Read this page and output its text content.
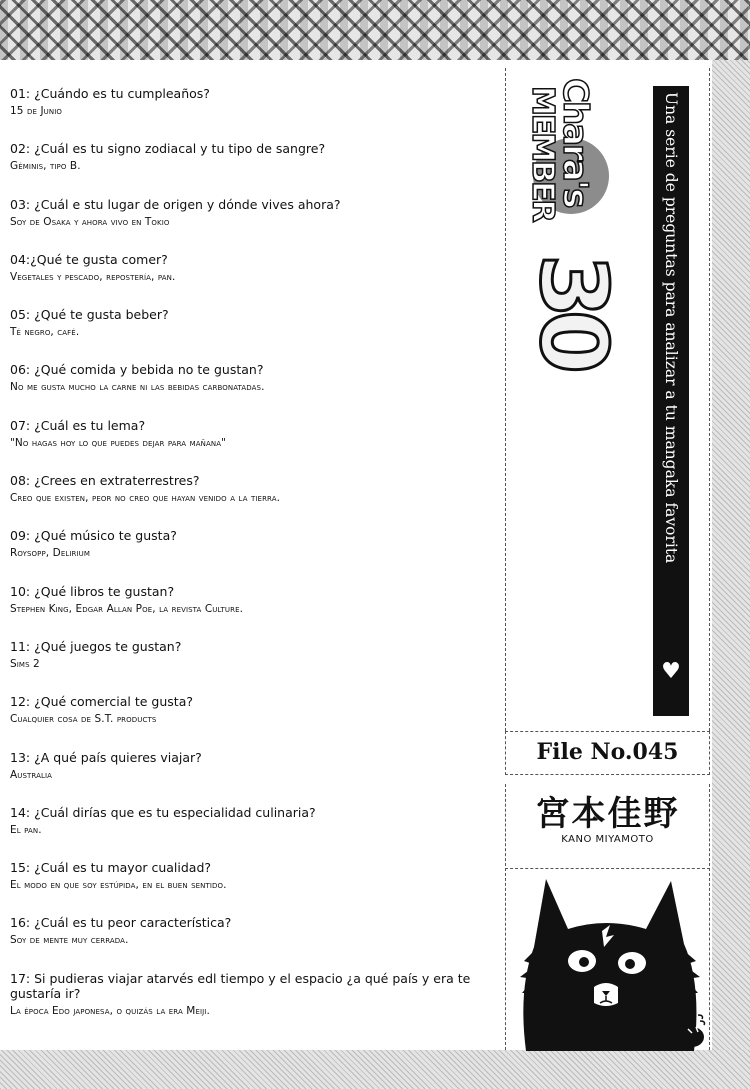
01: ¿Cuándo es tu cumpleaños?
15 de Junio
02: ¿Cuál es tu signo zodiacal y tu tipo de sangre?
Géminis, tipo B.
03: ¿Cuál e stu lugar de origen y dónde vives ahora?
Soy de Osaka y ahora vivo en Tokio
04:¿Qué te gusta comer?
Vegetales y pescado, repostería, pan.
05: ¿Qué te gusta beber?
Té negro, café.
06: ¿Qué comida y bebida no te gustan?
No me gusta mucho la carne ni las bebidas carbonatadas.
07: ¿Cuál es tu lema?
"No hagas hoy lo que puedes dejar para mañana"
08: ¿Crees en extraterrestres?
Creo que existen, peor no creo que hayan venido a la tierra.
09: ¿Qué músico te gusta?
Roysopp, Delirium
10: ¿Qué libros te gustan?
Stephen King, Edgar Allan Poe, la revista Culture.
11: ¿Qué juegos te gustan?
Sims 2
12: ¿Qué comercial te gusta?
Cualquier cosa de S.T. products
13: ¿A qué país quieres viajar?
Australia
14: ¿Cuál dirías que es tu especialidad culinaria?
El pan.
15: ¿Cuál es tu mayor cualidad?
El modo en que soy estúpida, en el buen sentido.
16: ¿Cuál es tu peor característica?
Soy de mente muy cerrada.
17: Si pudieras viajar atarvés edl tiempo y el espacio ¿a qué país y era te gustaría ir?
La época Edo japonesa, o quizás la era Meiji.
Chara's
MEMBER
30	Una serie de preguntas para analizar a tu mangaka favorita
♥
File No.045
宮本佳野
KANO MIYAMOTO
